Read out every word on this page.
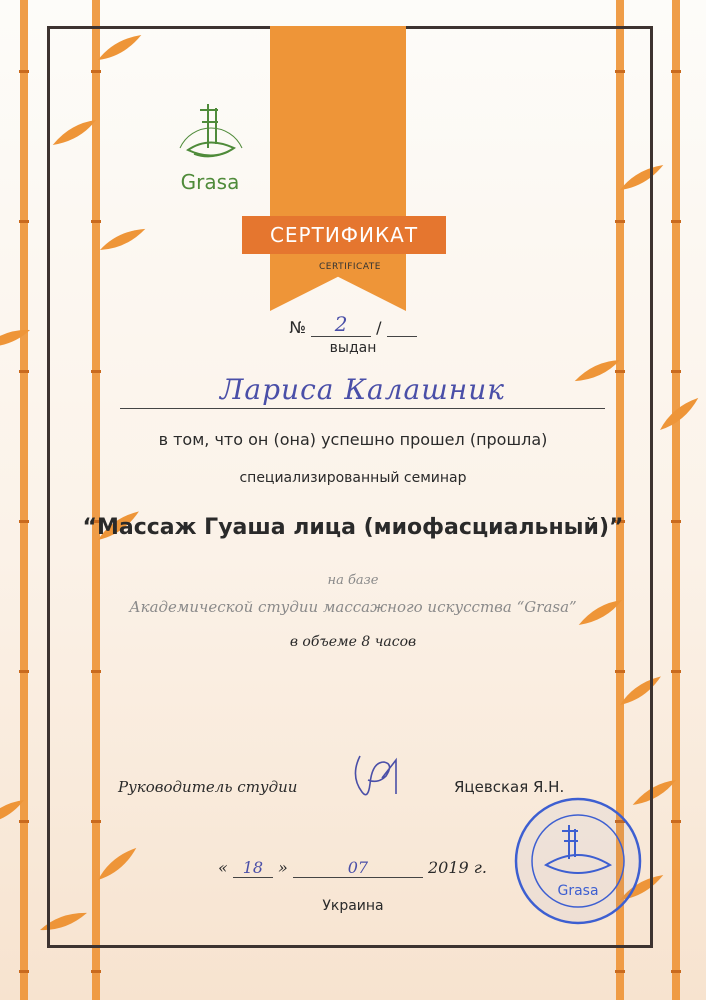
Grasa
СЕРТИФИКАТ
CERTIFICATE
№ 2 /
выдан
Лариса Калашник
в том, что он (она) успешно прошел (прошла)
специализированный семинар
“Массаж Гуаша лица (миофасциальный)”
на базе
Академической студии массажного искусства “Grasa”
в объеме 8 часов
Руководитель студии	Яцевская Я.Н.
« 18 »	07	2019 г.
Украина
Grasa
